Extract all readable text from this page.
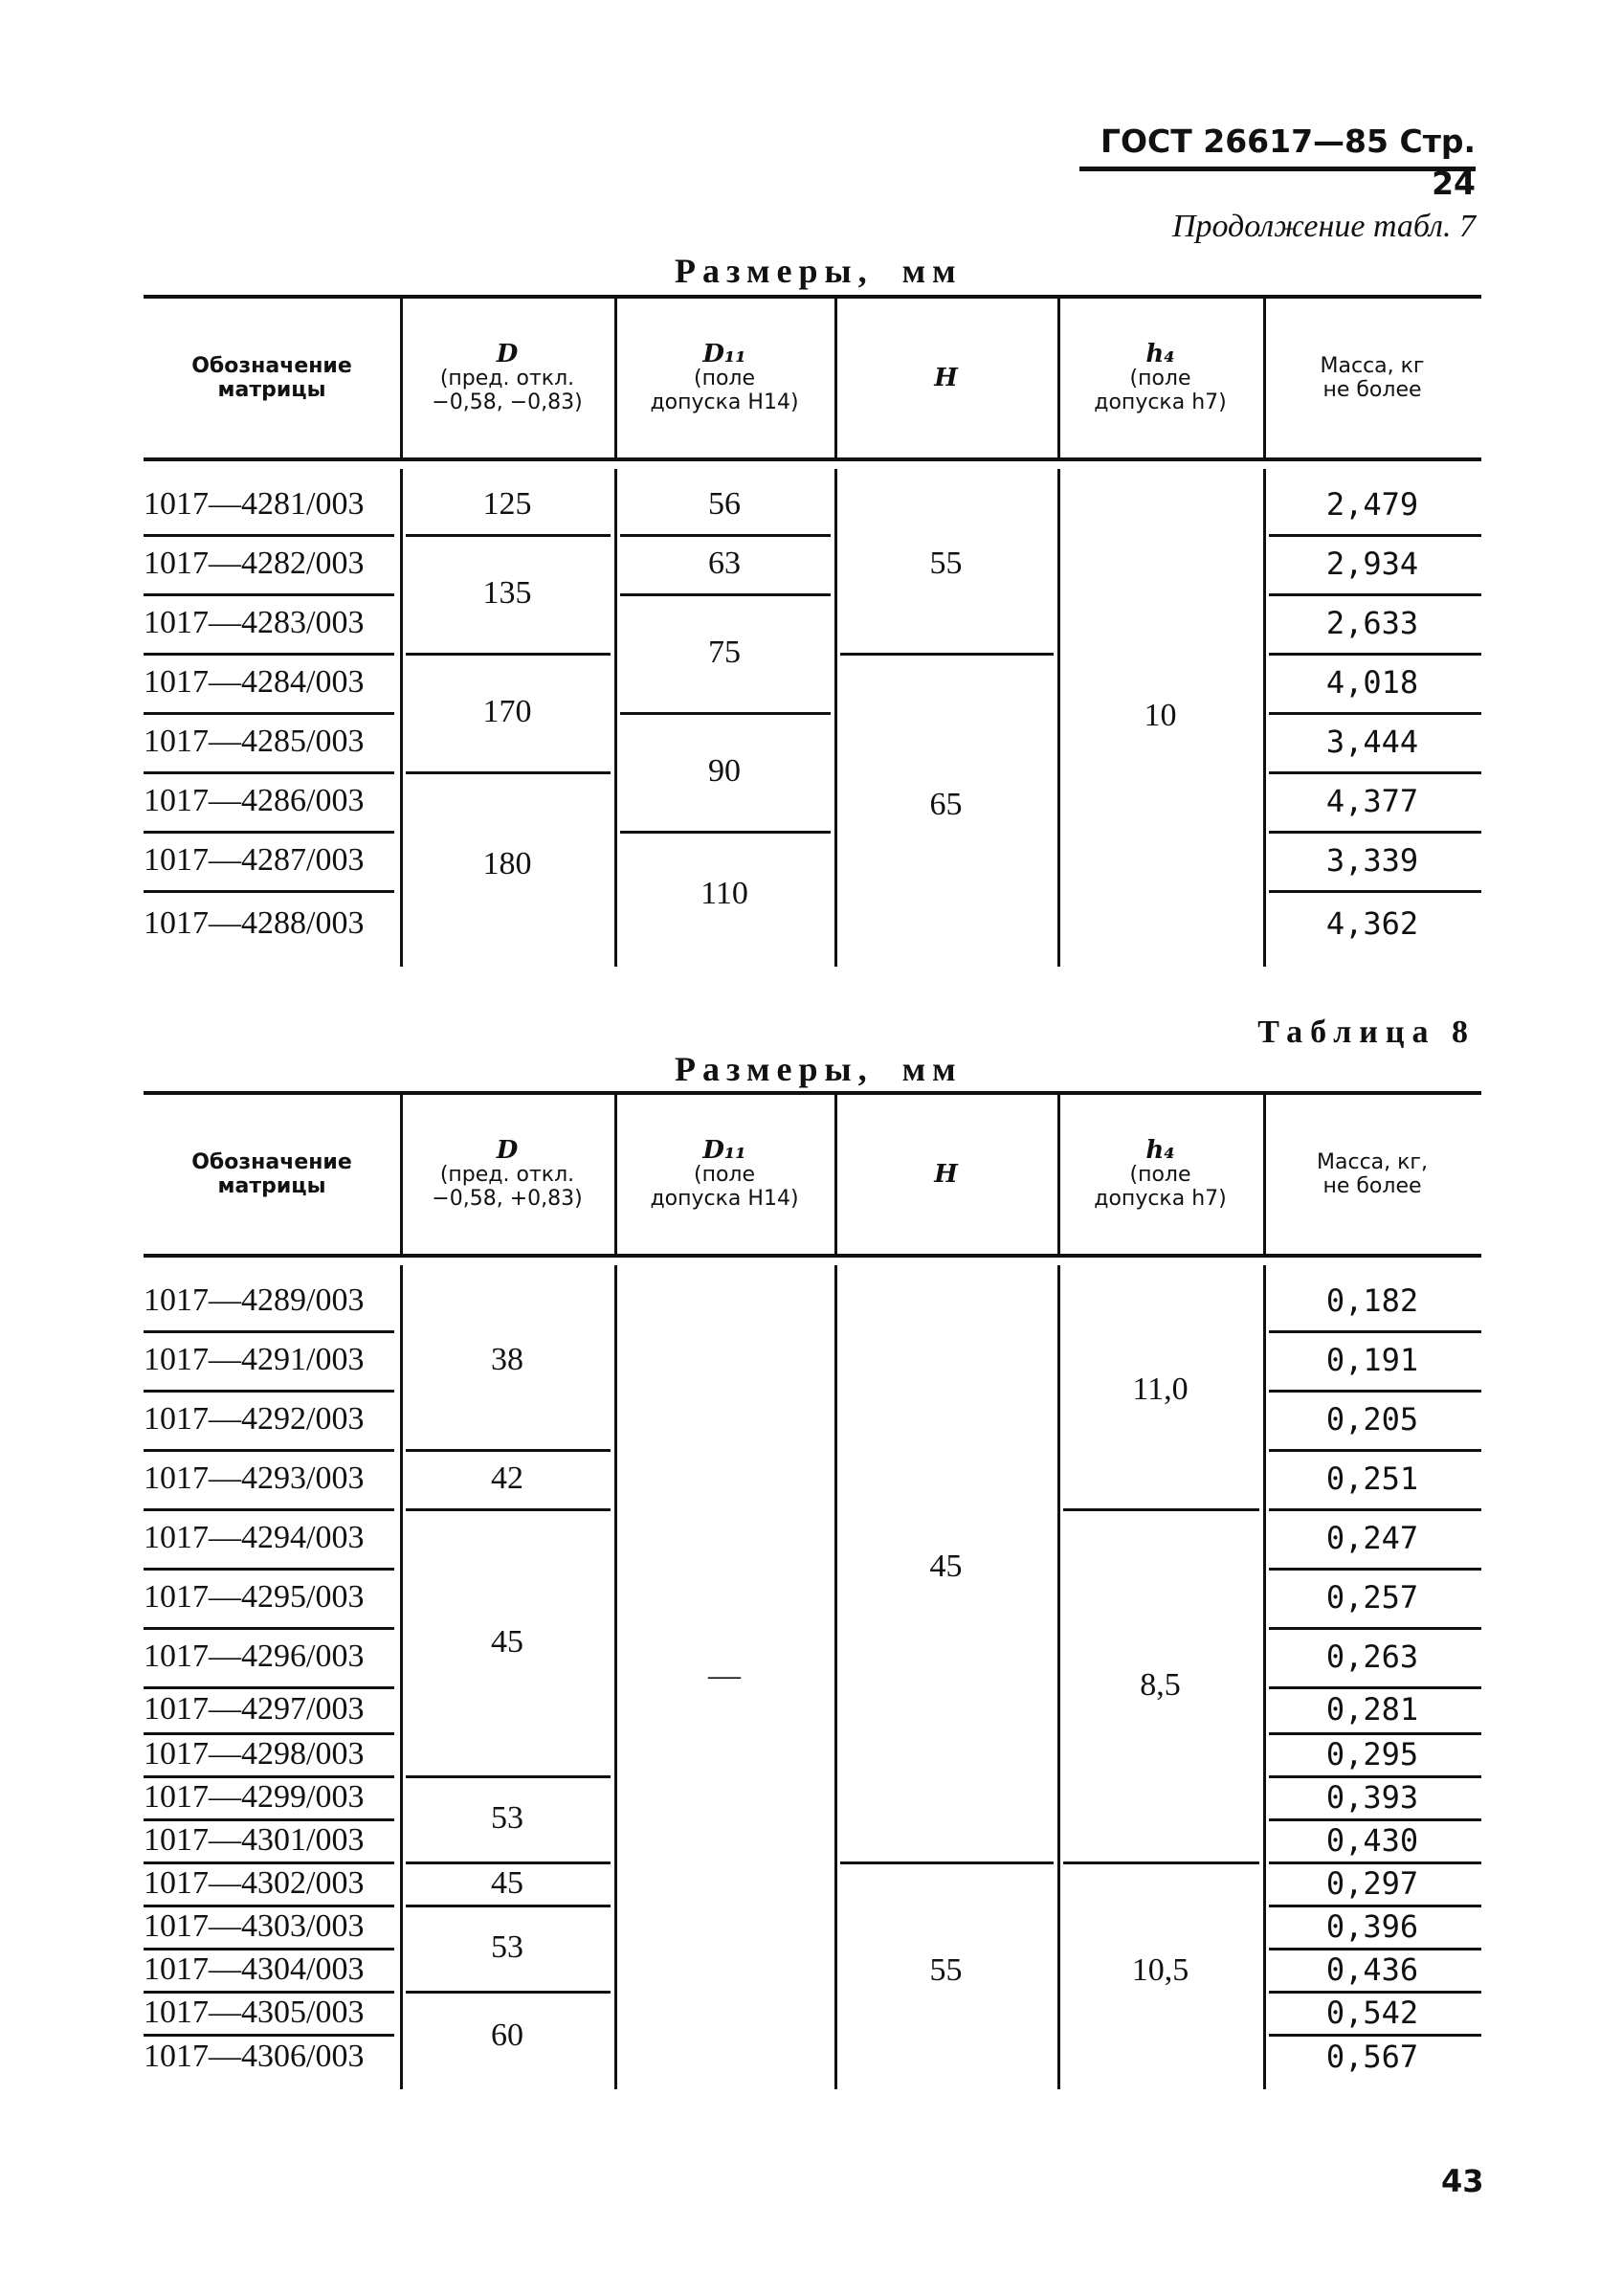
ГОСТ 26617—85 Стр. 24
Продолжение табл. 7
Размеры, мм
Обозначение
матрицы
D
(пред. откл.
−0,58, −0,83)
D₁₁
(поле
допуска H14)
H
h₄
(поле
допуска h7)
Масса, кг
не более
1017—4281/003
1017—4282/003
1017—4283/003
1017—4284/003
1017—4285/003
1017—4286/003
1017—4287/003
1017—4288/003
2,479
2,934
2,633
4,018
3,444
4,377
3,339
4,362
125
135
170
180
56
63
75
90
110
55
65
10
Таблица 8
Размеры, мм
Обозначение
матрицы
D
(пред. откл.
−0,58, +0,83)
D₁₁
(поле
допуска H14)
H
h₄
(поле
допуска h7)
Масса, кг,
не более
1017—4289/003
1017—4291/003
1017—4292/003
1017—4293/003
1017—4294/003
1017—4295/003
1017—4296/003
1017—4297/003
1017—4298/003
1017—4299/003
1017—4301/003
1017—4302/003
1017—4303/003
1017—4304/003
1017—4305/003
1017—4306/003
0,182
0,191
0,205
0,251
0,247
0,257
0,263
0,281
0,295
0,393
0,430
0,297
0,396
0,436
0,542
0,567
38
42
45
53
45
53
60
—
45
55
11,0
8,5
10,5
43
